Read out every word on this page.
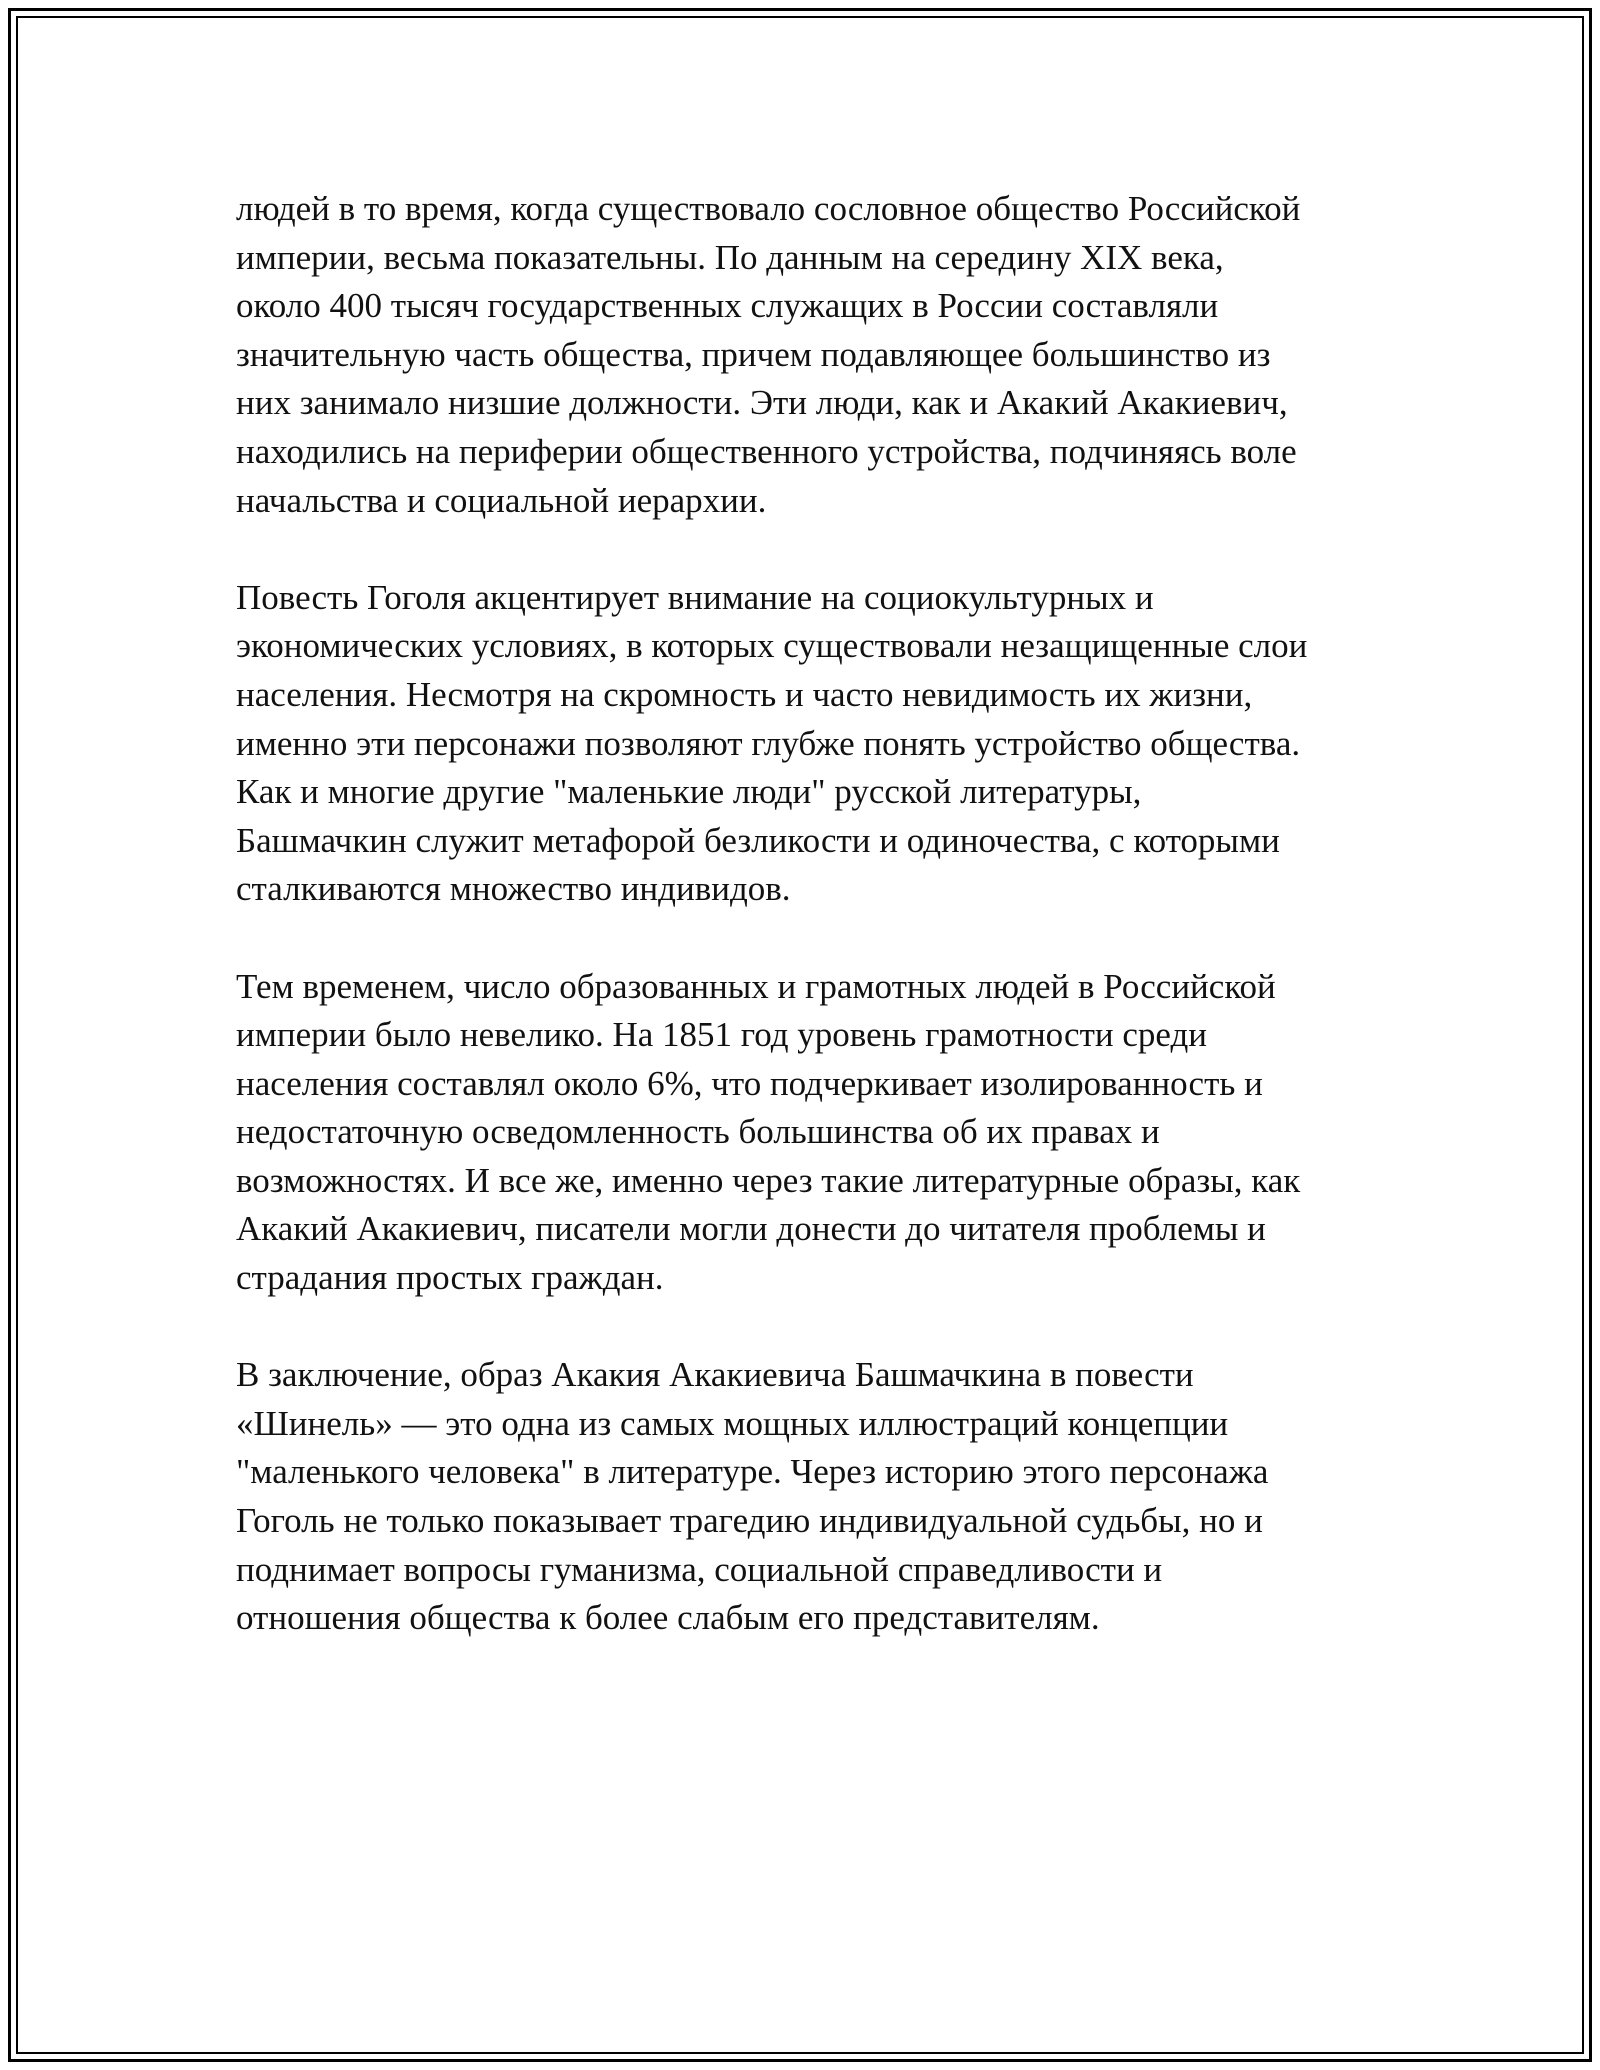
людей в то время, когда существовало сословное общество Российской
империи, весьма показательны. По данным на середину XIX века,
около 400 тысяч государственных служащих в России составляли
значительную часть общества, причем подавляющее большинство из
них занимало низшие должности. Эти люди, как и Акакий Акакиевич,
находились на периферии общественного устройства, подчиняясь воле
начальства и социальной иерархии.

Повесть Гоголя акцентирует внимание на социокультурных и
экономических условиях, в которых существовали незащищенные слои
населения. Несмотря на скромность и часто невидимость их жизни,
именно эти персонажи позволяют глубже понять устройство общества.
Как и многие другие "маленькие люди" русской литературы,
Башмачкин служит метафорой безликости и одиночества, с которыми
сталкиваются множество индивидов.

Тем временем, число образованных и грамотных людей в Российской
империи было невелико. На 1851 год уровень грамотности среди
населения составлял около 6%, что подчеркивает изолированность и
недостаточную осведомленность большинства об их правах и
возможностях. И все же, именно через такие литературные образы, как
Акакий Акакиевич, писатели могли донести до читателя проблемы и
страдания простых граждан.

В заключение, образ Акакия Акакиевича Башмачкина в повести
«Шинель» — это одна из самых мощных иллюстраций концепции
"маленького человека" в литературе. Через историю этого персонажа
Гоголь не только показывает трагедию индивидуальной судьбы, но и
поднимает вопросы гуманизма, социальной справедливости и
отношения общества к более слабым его представителям.
